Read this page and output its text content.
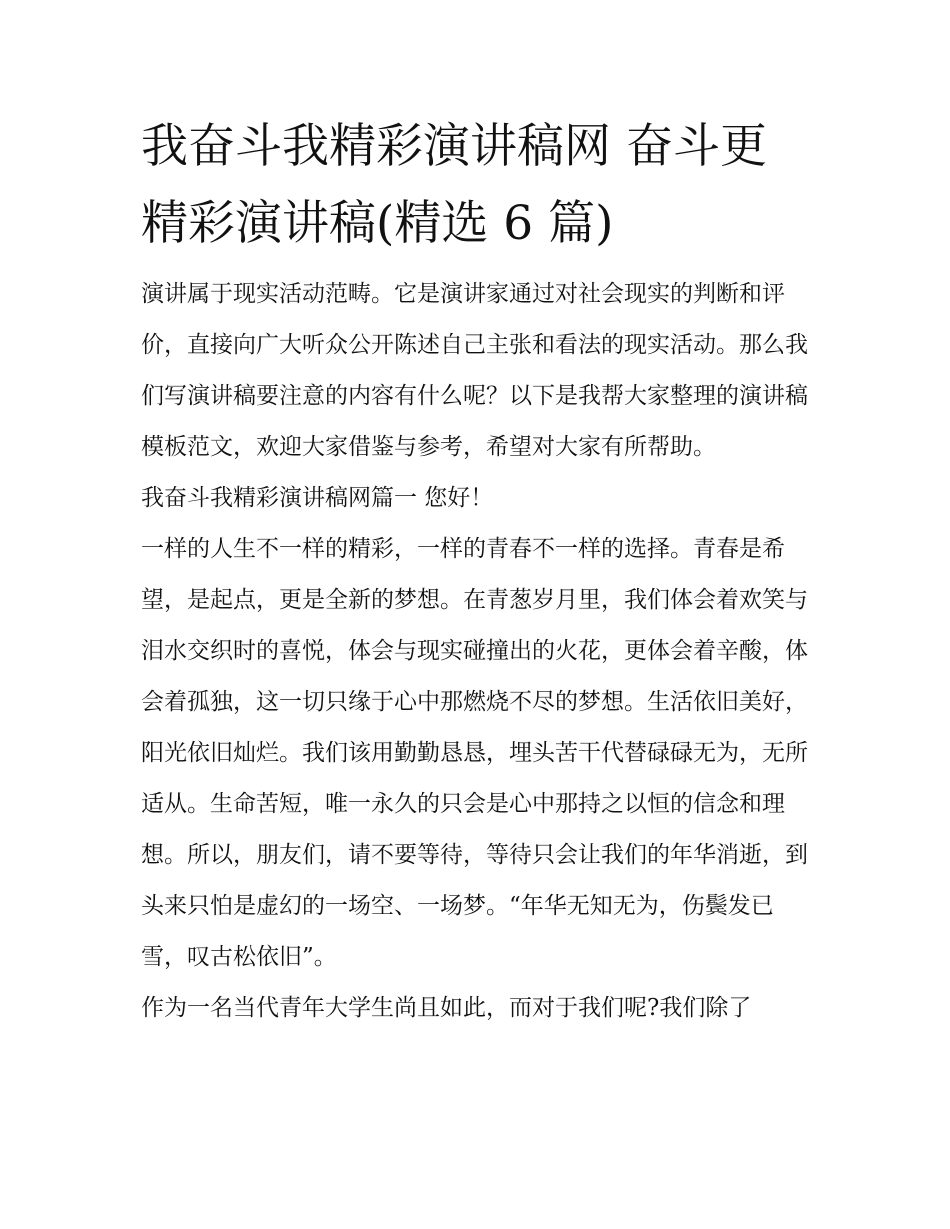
我奋斗我精彩演讲稿网 奋斗更精彩演讲稿(精选 6 篇)

演讲属于现实活动范畴。它是演讲家通过对社会现实的判断和评价，直接向广大听众公开陈述自己主张和看法的现实活动。那么我们写演讲稿要注意的内容有什么呢？以下是我帮大家整理的演讲稿模板范文，欢迎大家借鉴与参考，希望对大家有所帮助。

我奋斗我精彩演讲稿网篇一 您好！

一样的人生不一样的精彩，一样的青春不一样的选择。青春是希望，是起点，更是全新的梦想。在青葱岁月里，我们体会着欢笑与泪水交织时的喜悦，体会与现实碰撞出的火花，更体会着辛酸，体会着孤独，这一切只缘于心中那燃烧不尽的梦想。生活依旧美好，阳光依旧灿烂。我们该用勤勤恳恳，埋头苦干代替碌碌无为，无所适从。生命苦短，唯一永久的只会是心中那持之以恒的信念和理想。所以，朋友们，请不要等待，等待只会让我们的年华消逝，到头来只怕是虚幻的一场空、一场梦。“年华无知无为，伤鬓发已雪，叹古松依旧”。

作为一名当代青年大学生尚且如此，而对于我们呢?我们除了
